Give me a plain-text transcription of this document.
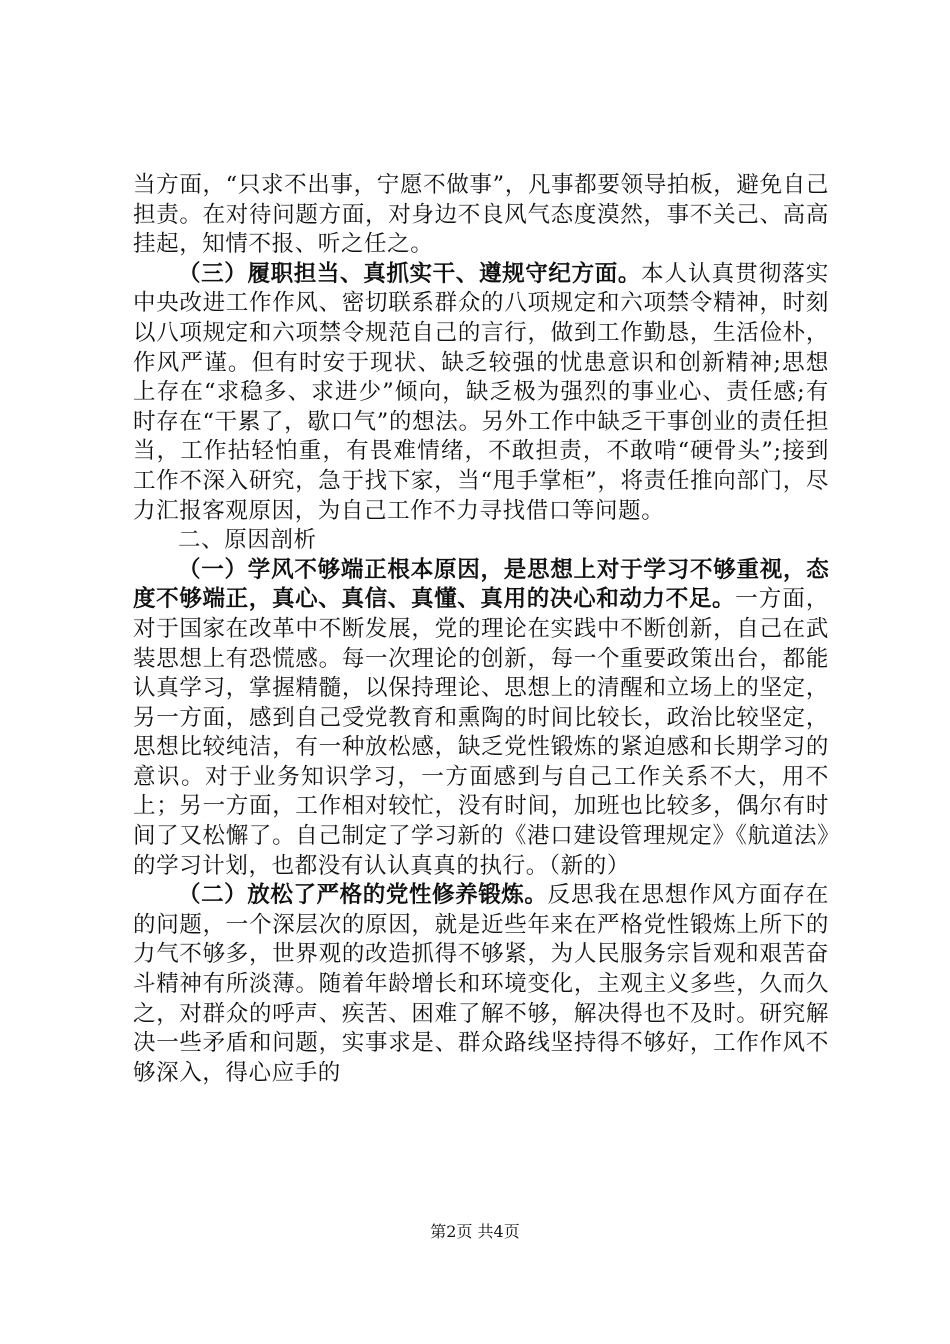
当方面，“只求不出事，宁愿不做事”，凡事都要领导拍板，避免自己担责。在对待问题方面，对身边不良风气态度漠然，事不关己、高高挂起，知情不报、听之任之。

（三）履职担当、真抓实干、遵规守纪方面。本人认真贯彻落实中央改进工作作风、密切联系群众的八项规定和六项禁令精神，时刻以八项规定和六项禁令规范自己的言行，做到工作勤恳，生活俭朴，作风严谨。但有时安于现状、缺乏较强的忧患意识和创新精神;思想上存在“求稳多、求进少”倾向，缺乏极为强烈的事业心、责任感;有时存在“干累了，歇口气”的想法。另外工作中缺乏干事创业的责任担当，工作拈轻怕重，有畏难情绪，不敢担责，不敢啃“硬骨头”;接到工作不深入研究，急于找下家，当“甩手掌柜”，将责任推向部门，尽力汇报客观原因，为自己工作不力寻找借口等问题。

二、原因剖析

（一）学风不够端正根本原因，是思想上对于学习不够重视，态度不够端正，真心、真信、真懂、真用的决心和动力不足。一方面，对于国家在改革中不断发展，党的理论在实践中不断创新，自己在武装思想上有恐慌感。每一次理论的创新，每一个重要政策出台，都能认真学习，掌握精髓，以保持理论、思想上的清醒和立场上的坚定，另一方面，感到自己受党教育和熏陶的时间比较长，政治比较坚定，思想比较纯洁，有一种放松感，缺乏党性锻炼的紧迫感和长期学习的意识。对于业务知识学习，一方面感到与自己工作关系不大，用不上；另一方面，工作相对较忙，没有时间，加班也比较多，偶尔有时间了又松懈了。自己制定了学习新的《港口建设管理规定》《航道法》的学习计划，也都没有认认真真的执行。（新的）

（二）放松了严格的党性修养锻炼。反思我在思想作风方面存在的问题，一个深层次的原因，就是近些年来在严格党性锻炼上所下的力气不够多，世界观的改造抓得不够紧，为人民服务宗旨观和艰苦奋斗精神有所淡薄。随着年龄增长和环境变化，主观主义多些，久而久之，对群众的呼声、疾苦、困难了解不够，解决得也不及时。研究解决一些矛盾和问题，实事求是、群众路线坚持得不够好，工作作风不够深入，得心应手的

第2页 共4页
